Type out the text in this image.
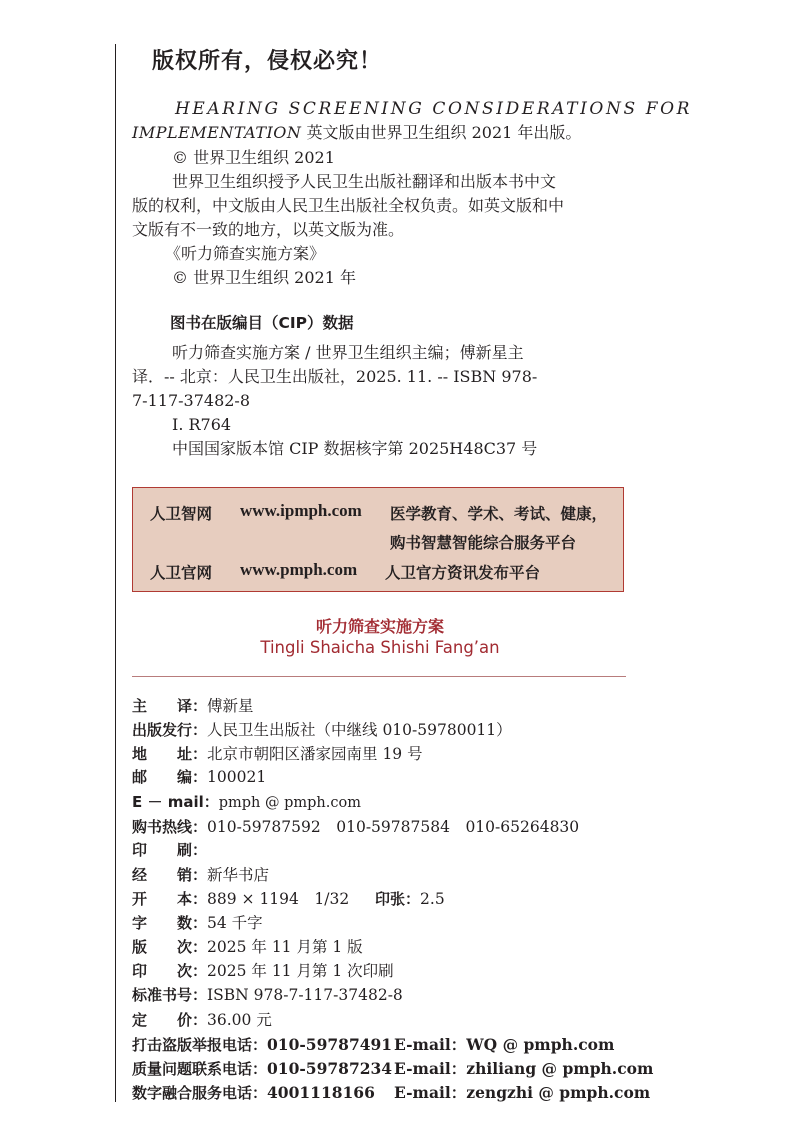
版权所有，侵权必究！
HEARING SCREENING CONSIDERATIONS FOR
IMPLEMENTATION 英文版由世界卫生组织 2021 年出版。
© 世界卫生组织 2021
世界卫生组织授予人民卫生出版社翻译和出版本书中文
版的权利，中文版由人民卫生出版社全权负责。如英文版和中
文版有不一致的地方，以英文版为准。
《听力筛查实施方案》
© 世界卫生组织 2021 年
图书在版编目（CIP）数据
听力筛查实施方案 / 世界卫生组织主编；傅新星主
译．-- 北京：人民卫生出版社，2025. 11. -- ISBN 978-
7-117-37482-8
Ⅰ. R764
中国国家版本馆 CIP 数据核字第 2025H48C37 号
人卫智网 www.ipmph.com 医学教育、学术、考试、健康，
购书智慧智能综合服务平台
人卫官网 www.pmph.com 人卫官方资讯发布平台
听力筛查实施方案
Tingli Shaicha Shishi Fang’an
主　　译：傅新星
出版发行：人民卫生出版社（中继线 010-59780011）
地　　址：北京市朝阳区潘家园南里 19 号
邮　　编：100021
E － mail：pmph @ pmph.com
购书热线：010-59787592　010-59787584　010-65264830
印　　刷：
经　　销：新华书店
开　　本：889 × 1194　1/32 印张：2.5
字　　数：54 千字
版　　次：2025 年 11 月第 1 版
印　　次：2025 年 11 月第 1 次印刷
标准书号：ISBN 978-7-117-37482-8
定　　价：36.00 元
打击盗版举报电话：010-59787491 E-mail：WQ @ pmph.com
质量问题联系电话：010-59787234 E-mail：zhiliang @ pmph.com
数字融合服务电话：4001118166 E-mail：zengzhi @ pmph.com
